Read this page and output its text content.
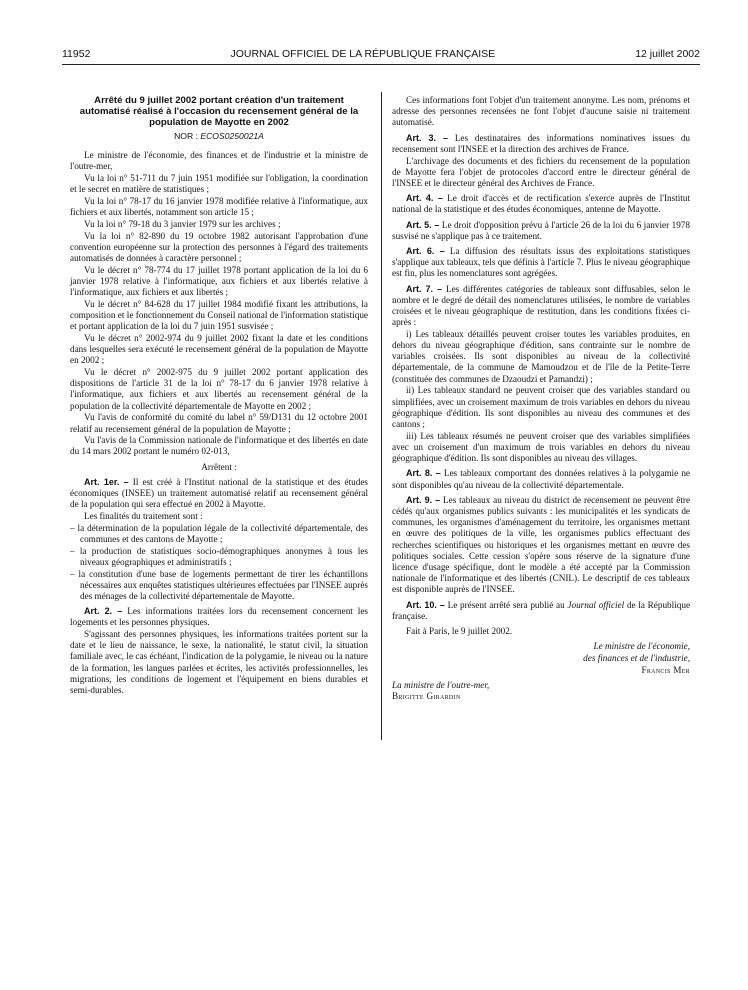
11952	JOURNAL OFFICIEL DE LA RÉPUBLIQUE FRANÇAISE	12 juillet 2002
Arrêté du 9 juillet 2002 portant création d'un traitement automatisé réalisé à l'occasion du recensement général de la population de Mayotte en 2002
NOR : ECOS0250021A

Le ministre de l'économie, des finances et de l'industrie et la ministre de l'outre-mer,

Vu la loi n° 51-711 du 7 juin 1951 modifiée sur l'obligation, la coordination et le secret en matière de statistiques ;

Vu la loi n° 78-17 du 16 janvier 1978 modifiée relative à l'informatique, aux fichiers et aux libertés, notamment son article 15 ;

Vu la loi n° 79-18 du 3 janvier 1979 sur les archives ;

Vu la loi n° 82-890 du 19 octobre 1982 autorisant l'approbation d'une convention européenne sur la protection des personnes à l'égard des traitements automatisés de données à caractère personnel ;

Vu le décret n° 78-774 du 17 juillet 1978 portant application de la loi du 6 janvier 1978 relative à l'informatique, aux fichiers et aux libertés relative à l'informatique, aux fichiers et aux libertés ;

Vu le décret n° 84-628 du 17 juillet 1984 modifié fixant les attributions, la composition et le fonctionnement du Conseil national de l'information statistique et portant application de la loi du 7 juin 1951 susvisée ;

Vu le décret n° 2002-974 du 9 juillet 2002 fixant la date et les conditions dans lesquelles sera exécuté le recensement général de la population de Mayotte en 2002 ;

Vu le décret n° 2002-975 du 9 juillet 2002 portant application des dispositions de l'article 31 de la loi n° 78-17 du 6 janvier 1978 relative à l'informatique, aux fichiers et aux libertés au recensement général de la population de la collectivité départementale de Mayotte en 2002 ;

Vu l'avis de conformité du comité du label n° 59/D131 du 12 octobre 2001 relatif au recensement général de la population de Mayotte ;

Vu l'avis de la Commission nationale de l'informatique et des libertés en date du 14 mars 2002 portant le numéro 02-013,

Arrêtent :

Art. 1er. – Il est créé à l'Institut national de la statistique et des études économiques (INSEE) un traitement automatisé relatif au recensement général de la population qui sera effectué en 2002 à Mayotte.

Les finalités du traitement sont :

– la détermination de la population légale de la collectivité départementale, des communes et des cantons de Mayotte ;

– la production de statistiques socio-démographiques anonymes à tous les niveaux géographiques et administratifs ;

– la constitution d'une base de logements permettant de tirer les échantillons nécessaires aux enquêtes statistiques ultérieures effectuées par l'INSEE auprès des ménages de la collectivité départementale de Mayotte.

Art. 2. – Les informations traitées lors du recensement concernent les logements et les personnes physiques.

S'agissant des personnes physiques, les informations traitées portent sur la date et le lieu de naissance, le sexe, la nationalité, le statut civil, la situation familiale avec, le cas échéant, l'indication de la polygamie, le niveau ou la nature de la formation, les langues parlées et écrites, les activités professionnelles, les migrations, les conditions de logement et l'équipement en biens durables et semi-durables.

Ces informations font l'objet d'un traitement anonyme. Les nom, prénoms et adresse des personnes recensées ne font l'objet d'aucune saisie ni traitement automatisé.

Art. 3. – Les destinataires des informations nominatives issues du recensement sont l'INSEE et la direction des archives de France.

L'archivage des documents et des fichiers du recensement de la population de Mayotte fera l'objet de protocoles d'accord entre le directeur général de l'INSEE et le directeur général des Archives de France.

Art. 4. – Le droit d'accès et de rectification s'exerce auprès de l'Institut national de la statistique et des études économiques, antenne de Mayotte.

Art. 5. – Le droit d'opposition prévu à l'article 26 de la loi du 6 janvier 1978 susvisé ne s'applique pas à ce traitement.

Art. 6. – La diffusion des résultats issus des exploitations statistiques s'applique aux tableaux, tels que définis à l'article 7. Plus le niveau géographique est fin, plus les nomenclatures sont agrégées.

Art. 7. – Les différentes catégories de tableaux sont diffusables, selon le nombre et le degré de détail des nomenclatures utilisées, le nombre de variables croisées et le niveau géographique de restitution, dans les conditions fixées ci-après :

i) Les tableaux détaillés peuvent croiser toutes les variables produites, en dehors du niveau géographique d'édition, sans contrainte sur le nombre de variables croisées. Ils sont disponibles au niveau de la collectivité départementale, de la commune de Mamoudzou et de l'île de la Petite-Terre (constituée des communes de Dzaoudzi et Pamandzi) ;

ii) Les tableaux standard ne peuvent croiser que des variables standard ou simplifiées, avec un croisement maximum de trois variables en dehors du niveau géographique d'édition. Ils sont disponibles au niveau des communes et des cantons ;

iii) Les tableaux résumés ne peuvent croiser que des variables simplifiées avec un croisement d'un maximum de trois variables en dehors du niveau géographique d'édition. Ils sont disponibles au niveau des villages.

Art. 8. – Les tableaux comportant des données relatives à la polygamie ne sont disponibles qu'au niveau de la collectivité départementale.

Art. 9. – Les tableaux au niveau du district de recensement ne peuvent être cédés qu'aux organismes publics suivants : les municipalités et les syndicats de communes, les organismes d'aménagement du territoire, les organismes mettant en œuvre des politiques de la ville, les organismes publics effectuant des recherches scientifiques ou historiques et les organismes mettant en œuvre des politiques sociales. Cette cession s'opère sous réserve de la signature d'une licence d'usage spécifique, dont le modèle a été accepté par la Commission nationale de l'informatique et des libertés (CNIL). Le descriptif de ces tableaux est disponible auprès de l'INSEE.

Art. 10. – Le présent arrêté sera publié au Journal officiel de la République française.

Fait à Paris, le 9 juillet 2002.

Le ministre de l'économie,

des finances et de l'industrie,

Francis Mer

La ministre de l'outre-mer,

Brigitte Girardin
